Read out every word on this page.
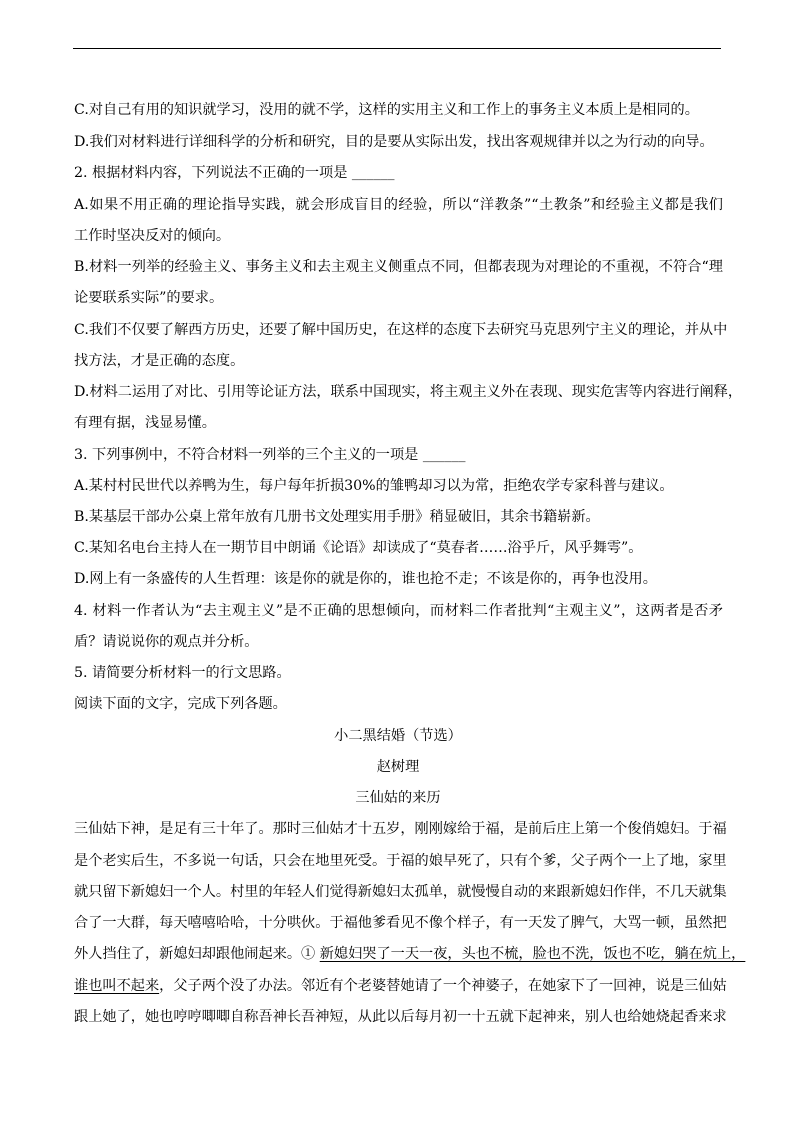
C.对自己有用的知识就学习，没用的就不学，这样的实用主义和工作上的事务主义本质上是相同的。
D.我们对材料进行详细科学的分析和研究，目的是要从实际出发，找出客观规律并以之为行动的向导。
2. 根据材料内容，下列说法不正确的一项是 ______
A.如果不用正确的理论指导实践，就会形成盲目的经验，所以“洋教条”“土教条”和经验主义都是我们
工作时坚决反对的倾向。
B.材料一列举的经验主义、事务主义和去主观主义侧重点不同，但都表现为对理论的不重视，不符合“理
论要联系实际”的要求。
C.我们不仅要了解西方历史，还要了解中国历史，在这样的态度下去研究马克思列宁主义的理论，并从中
找方法，才是正确的态度。
D.材料二运用了对比、引用等论证方法，联系中国现实，将主观主义外在表现、现实危害等内容进行阐释，
有理有据，浅显易懂。
3. 下列事例中，不符合材料一列举的三个主义的一项是 ______
A.某村村民世代以养鸭为生，每户每年折损30%的雏鸭却习以为常，拒绝农学专家科普与建议。
B.某基层干部办公桌上常年放有几册书文处理实用手册》稍显破旧，其余书籍崭新。
C.某知名电台主持人在一期节目中朗诵《论语》却读成了“莫春者……浴乎斤，风乎舞雩”。
D.网上有一条盛传的人生哲理：该是你的就是你的，谁也抢不走；不该是你的，再争也没用。
4. 材料一作者认为“去主观主义”是不正确的思想倾向，而材料二作者批判“主观主义”，这两者是否矛
盾？请说说你的观点并分析。
5. 请简要分析材料一的行文思路。
阅读下面的文字，完成下列各题。
小二黑结婚（节选）
赵树理
三仙姑的来历
三仙姑下神，是足有三十年了。那时三仙姑才十五岁，刚刚嫁给于福，是前后庄上第一个俊俏媳妇。于福
是个老实后生，不多说一句话，只会在地里死受。于福的娘早死了，只有个爹，父子两个一上了地，家里
就只留下新媳妇一个人。村里的年轻人们觉得新媳妇太孤单，就慢慢自动的来跟新媳妇作伴，不几天就集
合了一大群，每天嘻嘻哈哈，十分哄伙。于福他爹看见不像个样子，有一天发了脾气，大骂一顿，虽然把
外人挡住了，新媳妇却跟他闹起来。① 新媳妇哭了一天一夜，头也不梳，脸也不洗，饭也不吃，躺在炕上，
谁也叫不起来，父子两个没了办法。邻近有个老婆替她请了一个神婆子，在她家下了一回神，说是三仙姑
跟上她了，她也哼哼唧唧自称吾神长吾神短，从此以后每月初一十五就下起神来，别人也给她烧起香来求
